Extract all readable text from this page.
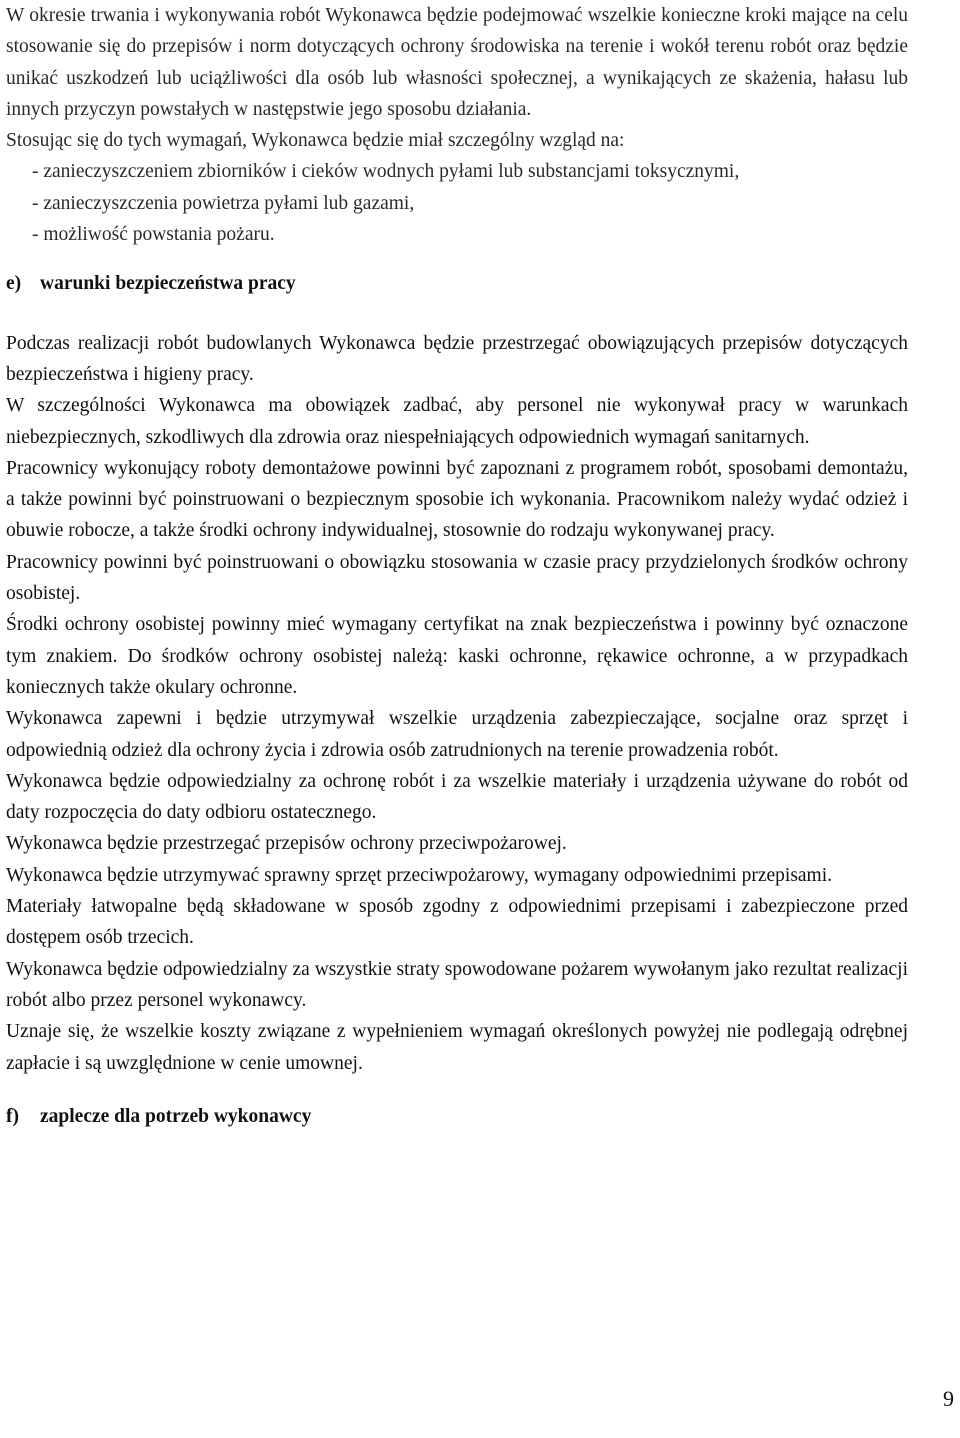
W okresie trwania i wykonywania robót Wykonawca będzie podejmować wszelkie konieczne kroki mające na celu stosowanie się do przepisów i norm dotyczących ochrony środowiska na terenie i wokół terenu robót oraz będzie unikać uszkodzeń lub uciążliwości dla osób lub własności społecznej, a wynikających ze skażenia, hałasu lub innych przyczyn powstałych w następstwie jego sposobu działania.

Stosując się do tych wymagań, Wykonawca będzie miał szczególny wzgląd na:

- zanieczyszczeniem zbiorników i cieków wodnych pyłami lub substancjami toksycznymi,
- zanieczyszczenia powietrza pyłami lub gazami,
- możliwość powstania pożaru.
e) warunki bezpieczeństwa pracy

Podczas realizacji robót budowlanych Wykonawca będzie przestrzegać obowiązujących przepisów dotyczących bezpieczeństwa i higieny pracy.

W szczególności Wykonawca ma obowiązek zadbać, aby personel nie wykonywał pracy w warunkach niebezpiecznych, szkodliwych dla zdrowia oraz niespełniających odpowiednich wymagań sanitarnych.

Pracownicy wykonujący roboty demontażowe powinni być zapoznani z programem robót, sposobami demontażu, a także powinni być poinstruowani o bezpiecznym sposobie ich wykonania. Pracownikom należy wydać odzież i obuwie robocze, a także środki ochrony indywidualnej, stosownie do rodzaju wykonywanej pracy.

Pracownicy powinni być poinstruowani o obowiązku stosowania w czasie pracy przydzielonych środków ochrony osobistej.

Środki ochrony osobistej powinny mieć wymagany certyfikat na znak bezpieczeństwa i powinny być oznaczone tym znakiem. Do środków ochrony osobistej należą: kaski ochronne, rękawice ochronne, a w przypadkach koniecznych także okulary ochronne.

Wykonawca zapewni i będzie utrzymywał wszelkie urządzenia zabezpieczające, socjalne oraz sprzęt i odpowiednią odzież dla ochrony życia i zdrowia osób zatrudnionych na terenie prowadzenia robót.

Wykonawca będzie odpowiedzialny za ochronę robót i za wszelkie materiały i urządzenia używane do robót od daty rozpoczęcia do daty odbioru ostatecznego.

Wykonawca będzie przestrzegać przepisów ochrony przeciwpożarowej.

Wykonawca będzie utrzymywać sprawny sprzęt przeciwpożarowy, wymagany odpowiednimi przepisami.

Materiały łatwopalne będą składowane w sposób zgodny z odpowiednimi przepisami i zabezpieczone przed dostępem osób trzecich.

Wykonawca będzie odpowiedzialny za wszystkie straty spowodowane pożarem wywołanym jako rezultat realizacji robót albo przez personel wykonawcy.

Uznaje się, że wszelkie koszty związane z wypełnieniem wymagań określonych powyżej nie podlegają odrębnej zapłacie i są uwzględnione w cenie umownej.

f)	zaplecze dla potrzeb wykonawcy
9
